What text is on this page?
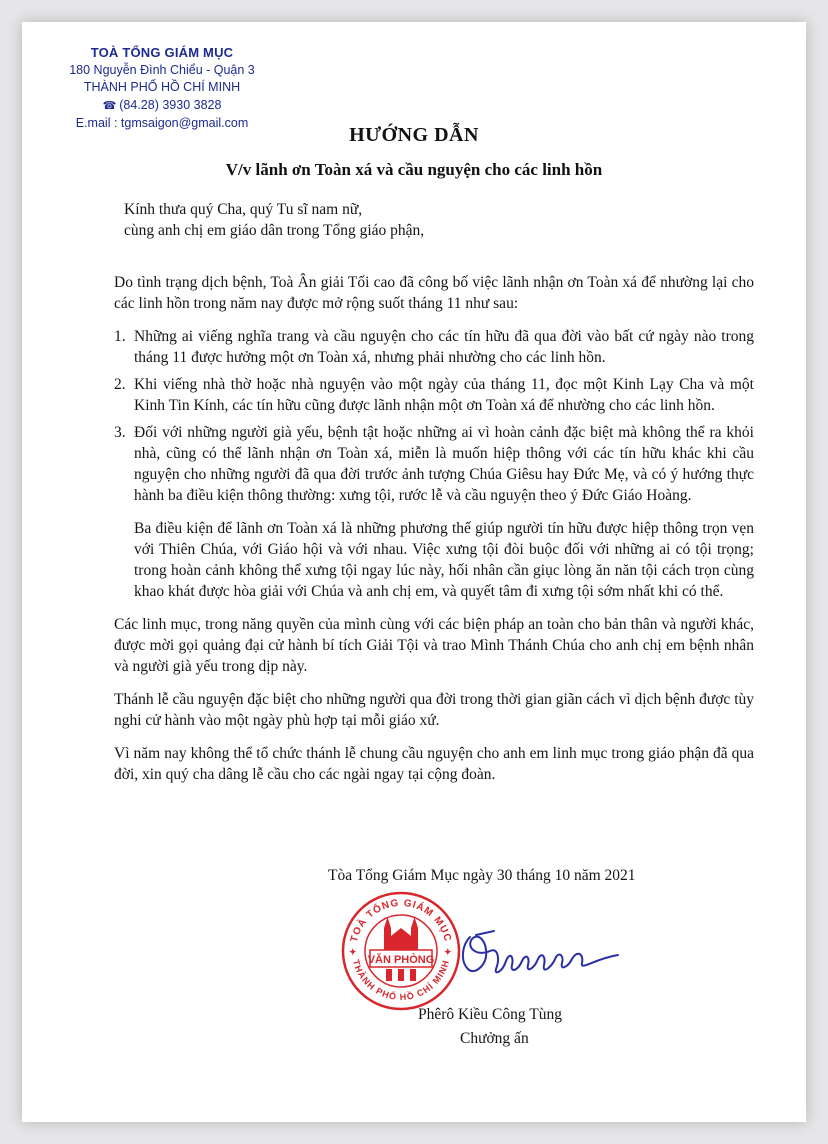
TOÀ TỔNG GIÁM MỤC
180 Nguyễn Đình Chiểu - Quận 3
THÀNH PHỐ HỒ CHÍ MINH
☎ (84.28) 3930 3828
E.mail : tgmsaigon@gmail.com
HƯỚNG DẪN
V/v lãnh ơn Toàn xá và cầu nguyện cho các linh hồn
Kính thưa quý Cha, quý Tu sĩ nam nữ,
cùng anh chị em giáo dân trong Tổng giáo phận,

Do tình trạng dịch bệnh, Toà Ân giải Tối cao đã công bố việc lãnh nhận ơn Toàn xá để nhường lại cho các linh hồn trong năm nay được mở rộng suốt tháng 11 như sau:

1. Những ai viếng nghĩa trang và cầu nguyện cho các tín hữu đã qua đời vào bất cứ ngày nào trong tháng 11 được hưởng một ơn Toàn xá, nhưng phải nhường cho các linh hồn.
2. Khi viếng nhà thờ hoặc nhà nguyện vào một ngày của tháng 11, đọc một Kinh Lạy Cha và một Kinh Tin Kính, các tín hữu cũng được lãnh nhận một ơn Toàn xá để nhường cho các linh hồn.
3. Đối với những người già yếu, bệnh tật hoặc những ai vì hoàn cảnh đặc biệt mà không thể ra khỏi nhà, cũng có thể lãnh nhận ơn Toàn xá, miễn là muốn hiệp thông với các tín hữu khác khi cầu nguyện cho những người đã qua đời trước ảnh tượng Chúa Giêsu hay Đức Mẹ, và có ý hướng thực hành ba điều kiện thông thường: xưng tội, rước lễ và cầu nguyện theo ý Đức Giáo Hoàng.

Ba điều kiện để lãnh ơn Toàn xá là những phương thế giúp người tín hữu được hiệp thông trọn vẹn với Thiên Chúa, với Giáo hội và với nhau. Việc xưng tội đòi buộc đối với những ai có tội trọng; trong hoàn cảnh không thể xưng tội ngay lúc này, hối nhân cần giục lòng ăn năn tội cách trọn cùng khao khát được hòa giải với Chúa và anh chị em, và quyết tâm đi xưng tội sớm nhất khi có thể.

Các linh mục, trong năng quyền của mình cùng với các biện pháp an toàn cho bản thân và người khác, được mời gọi quảng đại cử hành bí tích Giải Tội và trao Mình Thánh Chúa cho anh chị em bệnh nhân và người già yếu trong dịp này.

Thánh lễ cầu nguyện đặc biệt cho những người qua đời trong thời gian giãn cách vì dịch bệnh được tùy nghi cử hành vào một ngày phù hợp tại mỗi giáo xứ.

Vì năm nay không thể tổ chức thánh lễ chung cầu nguyện cho anh em linh mục trong giáo phận đã qua đời, xin quý cha dâng lễ cầu cho các ngài ngay tại cộng đoàn.

Tòa Tổng Giám Mục ngày 30 tháng 10 năm 2021
TOÀ TỔNG GIÁM MỤC
THÀNH PHỐ HỒ CHÍ MINH
✦	✦
VĂN PHÒNG
Phêrô Kiều Công Tùng
Chưởng ấn
